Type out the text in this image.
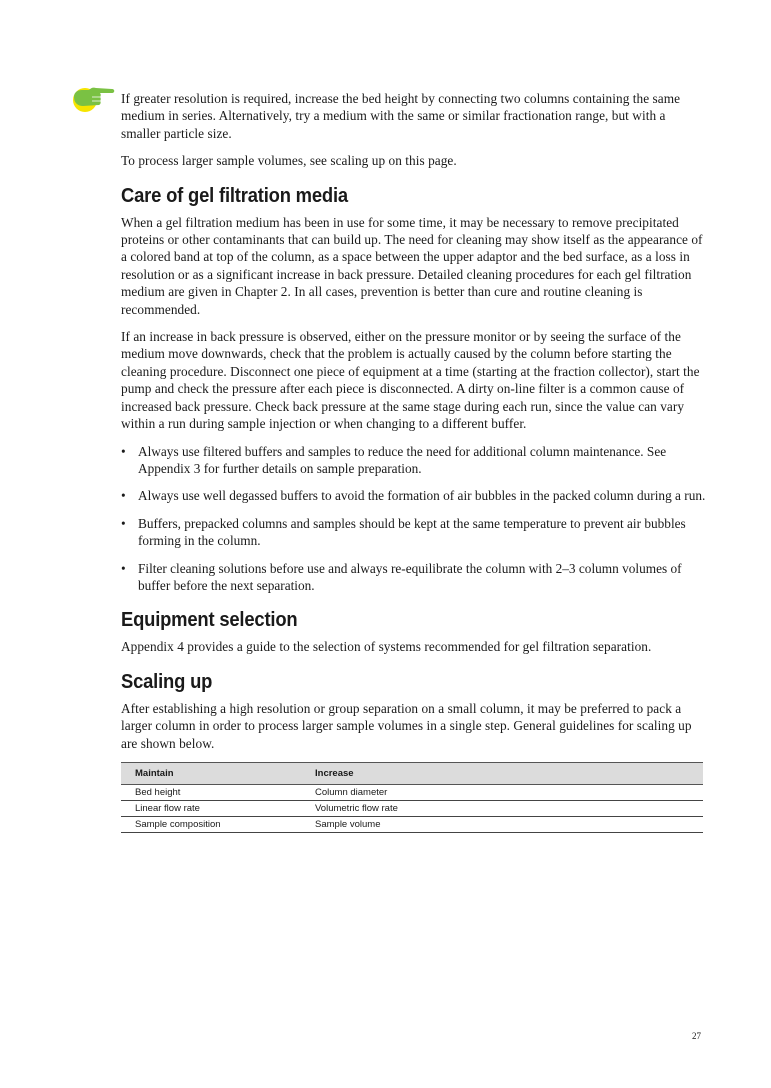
If greater resolution is required, increase the bed height by connecting two columns containing the same medium in series. Alternatively, try a medium with the same or similar fractionation range, but with a smaller particle size.

To process larger sample volumes, see scaling up on this page.

Care of gel filtration media

When a gel filtration medium has been in use for some time, it may be necessary to remove precipitated proteins or other contaminants that can build up. The need for cleaning may show itself as the appearance of a colored band at top of the column, as a space between the upper adaptor and the bed surface, as a loss in resolution or as a significant increase in back pressure. Detailed cleaning procedures for each gel filtration medium are given in Chapter 2. In all cases, prevention is better than cure and routine cleaning is recommended.

If an increase in back pressure is observed, either on the pressure monitor or by seeing the surface of the medium move downwards, check that the problem is actually caused by the column before starting the cleaning procedure. Disconnect one piece of equipment at a time (starting at the fraction collector), start the pump and check the pressure after each piece is disconnected. A dirty on-line filter is a common cause of increased back pressure. Check back pressure at the same stage during each run, since the value can vary within a run during sample injection or when changing to a different buffer.

• Always use filtered buffers and samples to reduce the need for additional column maintenance. See Appendix 3 for further details on sample preparation.
• Always use well degassed buffers to avoid the formation of air bubbles in the packed column during a run.
• Buffers, prepacked columns and samples should be kept at the same temperature to prevent air bubbles forming in the column.
• Filter cleaning solutions before use and always re-equilibrate the column with 2–3 column volumes of buffer before the next separation.
Equipment selection

Appendix 4 provides a guide to the selection of systems recommended for gel filtration separation.

Scaling up

After establishing a high resolution or group separation on a small column, it may be preferred to pack a larger column in order to process larger sample volumes in a single step. General guidelines for scaling up are shown below.

Maintain	Increase
Bed height	Column diameter
Linear flow rate	Volumetric flow rate
Sample composition	Sample volume
27
